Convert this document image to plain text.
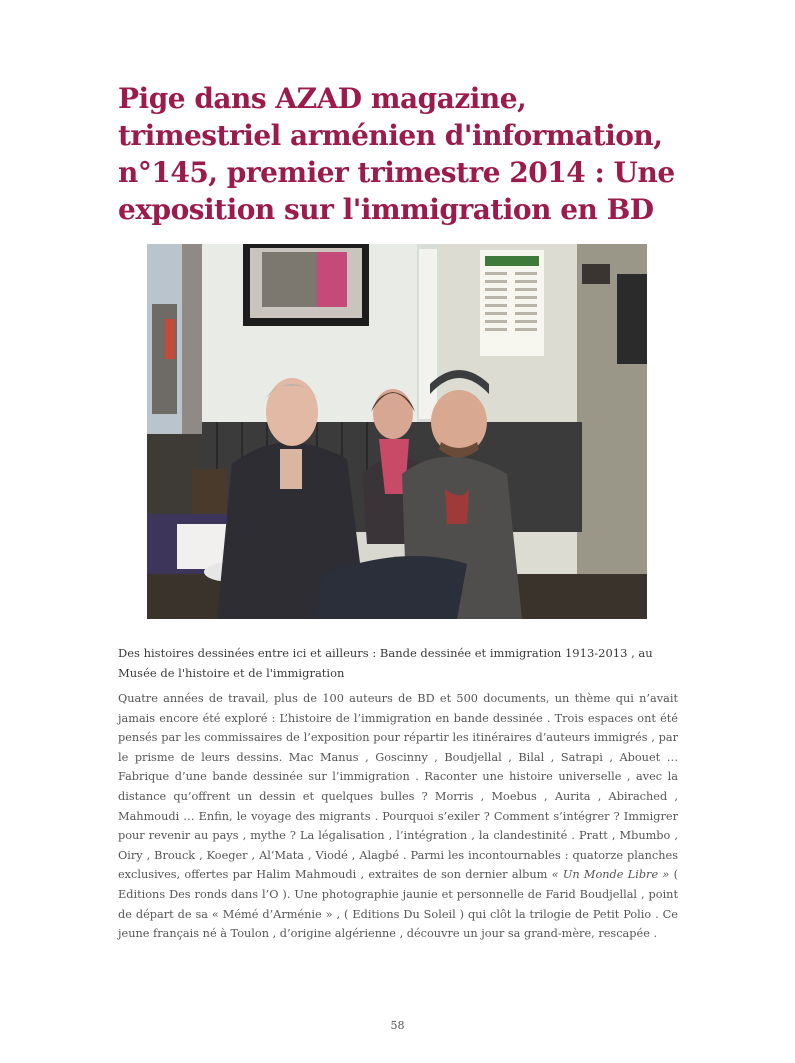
Pige dans AZAD magazine, trimestriel arménien d'information, n°145, premier trimestre 2014 : Une exposition sur l'immigration en BD

Des histoires dessinées entre ici et ailleurs : Bande dessinée et immigration 1913-2013 , au Musée de l'histoire et de l'immigration

Quatre années de travail, plus de 100 auteurs de BD et 500 documents, un thème qui n’avait jamais encore été exploré : L’histoire de l’immigration en bande dessinée . Trois espaces ont été pensés par les commissaires de l’exposition pour répartir les itinéraires d’auteurs immigrés , par le prisme de leurs dessins. Mac Manus , Goscinny , Boudjellal , Bilal , Satrapi , Abouet … Fabrique d’une bande dessinée sur l’immigration . Raconter une histoire universelle , avec la distance qu’offrent un dessin et quelques bulles ? Morris , Moebus , Aurita , Abirached , Mahmoudi … Enfin, le voyage des migrants . Pourquoi s’exiler ? Comment s’intégrer ? Immigrer pour revenir au pays , mythe ? La légalisation , l’intégration , la clandestinité . Pratt , Mbumbo , Oiry , Brouck , Koeger , Al’Mata , Viodé , Alagbé . Parmi les incontournables : quatorze planches exclusives, offertes par Halim Mahmoudi , extraites de son dernier album « Un Monde Libre » ( Editions Des ronds dans l’O ). Une photographie jaunie et personnelle de Farid Boudjellal , point de départ de sa « Mémé d’Arménie » , ( Editions Du Soleil ) qui clôt la trilogie de Petit Polio . Ce jeune français né à Toulon , d’origine algérienne , découvre un jour sa grand-mère, rescapée .

58
